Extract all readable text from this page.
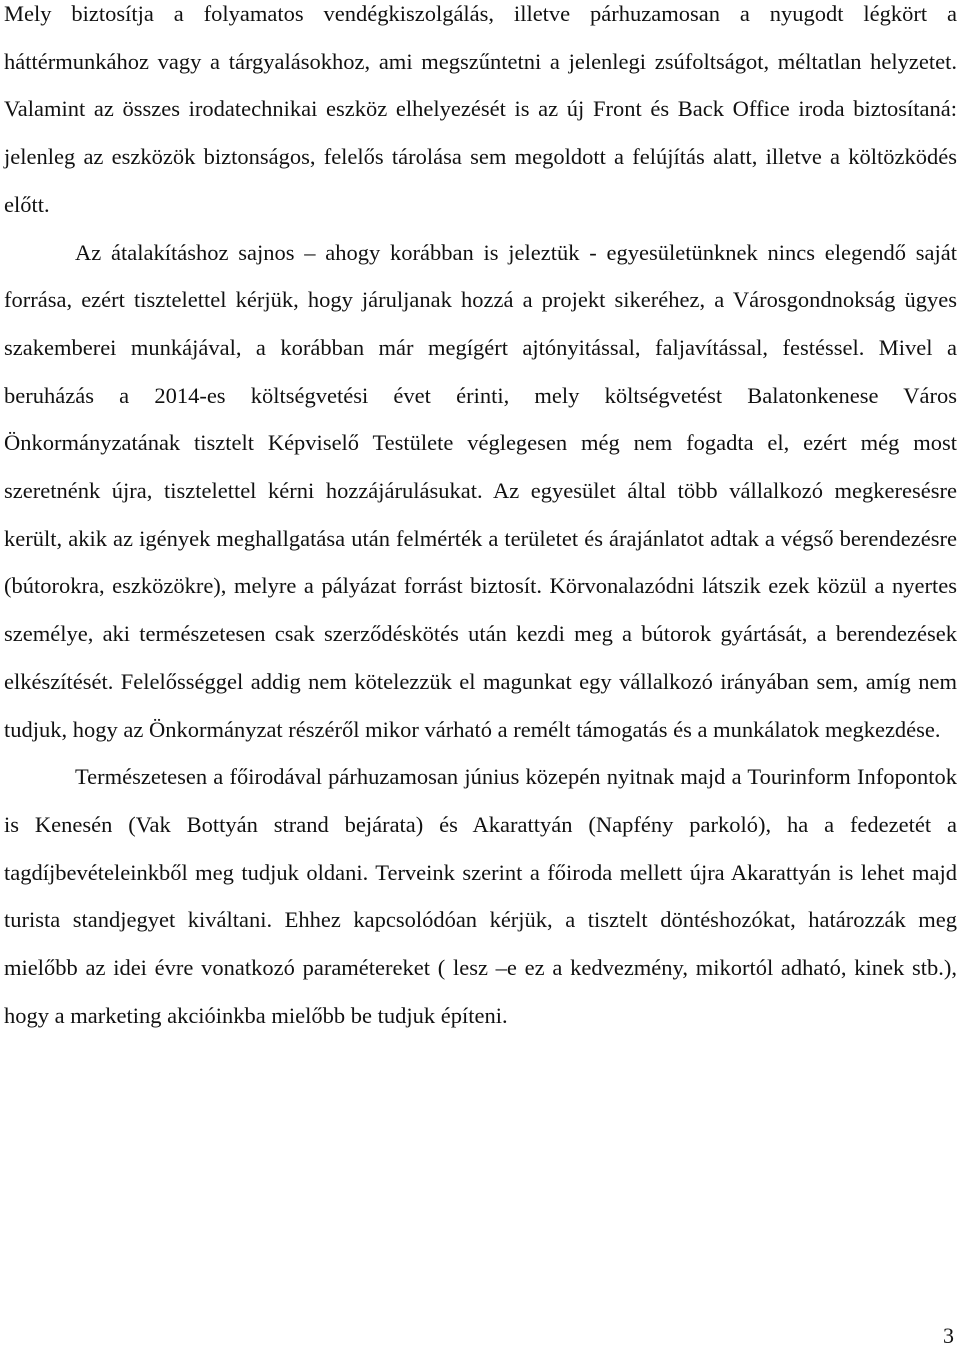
Mely biztosítja a folyamatos vendégkiszolgálás, illetve párhuzamosan a nyugodt légkört a háttérmunkához vagy a tárgyalásokhoz, ami megszűntetni a jelenlegi zsúfoltságot, méltatlan helyzetet. Valamint az összes irodatechnikai eszköz elhelyezését is az új Front és Back Office iroda biztosítaná: jelenleg az eszközök biztonságos, felelős tárolása sem megoldott a felújítás alatt, illetve a költözködés előtt.

Az átalakításhoz sajnos – ahogy korábban is jeleztük - egyesületünknek nincs elegendő saját forrása, ezért tisztelettel kérjük, hogy járuljanak hozzá a projekt sikeréhez, a Városgondnokság ügyes szakemberei munkájával, a korábban már megígért ajtónyitással, faljavítással, festéssel. Mivel a beruházás a 2014-es költségvetési évet érinti, mely költségvetést Balatonkenese Város Önkormányzatának tisztelt Képviselő Testülete véglegesen még nem fogadta el, ezért még most szeretnénk újra, tisztelettel kérni hozzájárulásukat. Az egyesület által több vállalkozó megkeresésre került, akik az igények meghallgatása után felmérték a területet és árajánlatot adtak a végső berendezésre (bútorokra, eszközökre), melyre a pályázat forrást biztosít. Körvonalazódni látszik ezek közül a nyertes személye, aki természetesen csak szerződéskötés után kezdi meg a bútorok gyártását, a berendezések elkészítését. Felelősséggel addig nem kötelezzük el magunkat egy vállalkozó irányában sem, amíg nem tudjuk, hogy az Önkormányzat részéről mikor várható a remélt támogatás és a munkálatok megkezdése.

Természetesen a főirodával párhuzamosan június közepén nyitnak majd a Tourinform Infopontok is Kenesén (Vak Bottyán strand bejárata) és Akarattyán (Napfény parkoló), ha a fedezetét a tagdíjbevételeinkből meg tudjuk oldani. Terveink szerint a főiroda mellett újra Akarattyán is lehet majd turista standjegyet kiváltani. Ehhez kapcsolódóan kérjük, a tisztelt döntéshozókat, határozzák meg mielőbb az idei évre vonatkozó paramétereket ( lesz –e ez a kedvezmény, mikortól adható, kinek stb.), hogy a marketing akcióinkba mielőbb be tudjuk építeni.

3
